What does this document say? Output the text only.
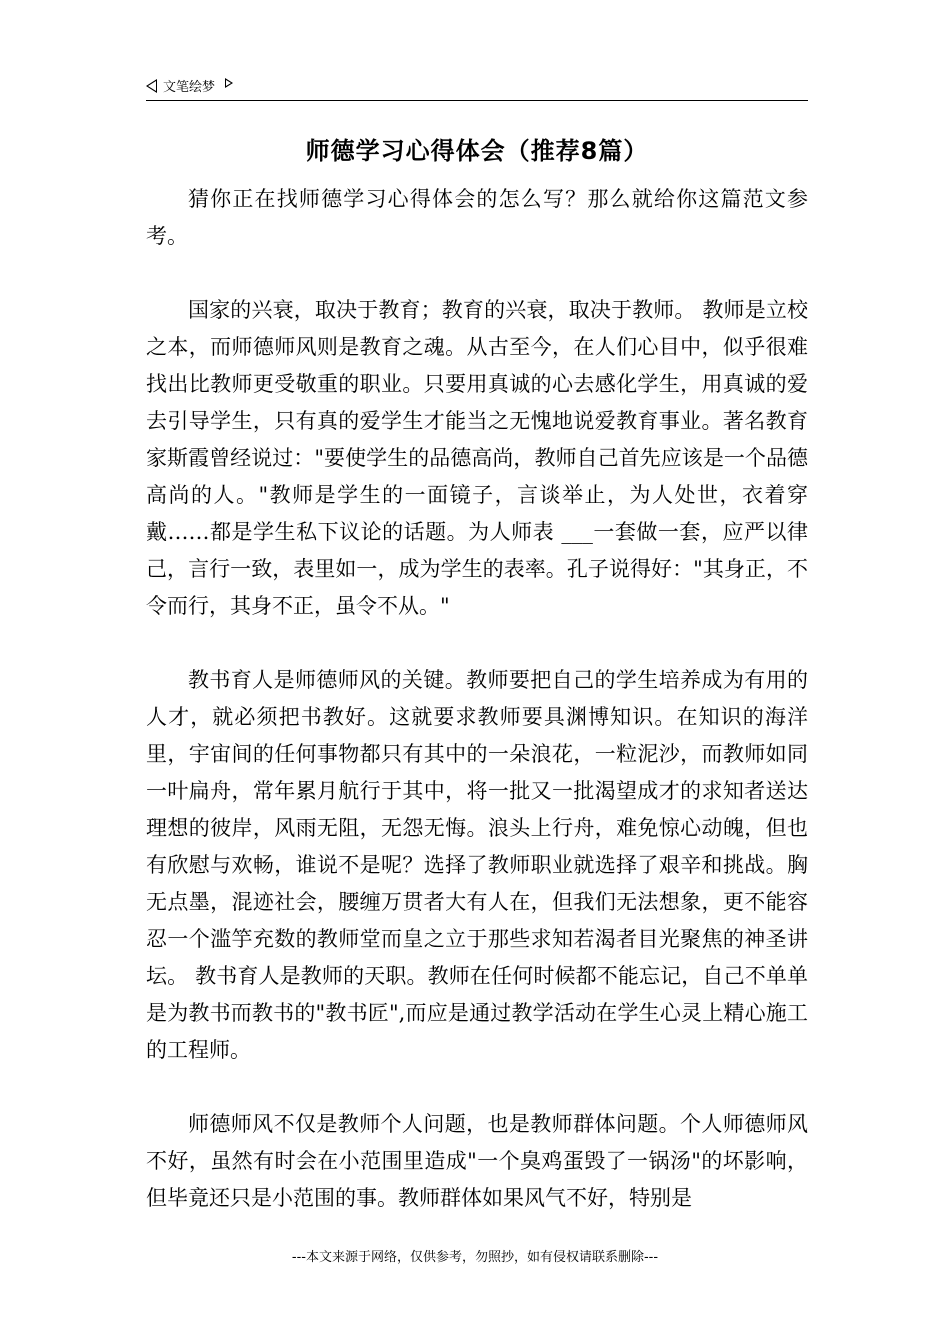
文笔绘梦
师德学习心得体会（推荐8篇）

猜你正在找师德学习心得体会的怎么写？那么就给你这篇范文参考。

国家的兴衰，取决于教育；教育的兴衰，取决于教师。 教师是立校之本，而师德师风则是教育之魂。从古至今，在人们心目中，似乎很难找出比教师更受敬重的职业。只要用真诚的心去感化学生，用真诚的爱去引导学生，只有真的爱学生才能当之无愧地说爱教育事业。著名教育家斯霞曾经说过："要使学生的品德高尚，教师自己首先应该是一个品德高尚的人。"教师是学生的一面镜子，言谈举止，为人处世，衣着穿戴……都是学生私下议论的话题。为人师表 ___一套做一套，应严以律己，言行一致，表里如一，成为学生的表率。孔子说得好："其身正，不令而行，其身不正，虽令不从。"

教书育人是师德师风的关键。教师要把自己的学生培养成为有用的人才，就必须把书教好。这就要求教师要具渊博知识。在知识的海洋里，宇宙间的任何事物都只有其中的一朵浪花，一粒泥沙，而教师如同一叶扁舟，常年累月航行于其中，将一批又一批渴望成才的求知者送达理想的彼岸，风雨无阻，无怨无悔。浪头上行舟，难免惊心动魄，但也有欣慰与欢畅，谁说不是呢？选择了教师职业就选择了艰辛和挑战。胸无点墨，混迹社会，腰缠万贯者大有人在，但我们无法想象，更不能容忍一个滥竽充数的教师堂而皇之立于那些求知若渴者目光聚焦的神圣讲坛。 教书育人是教师的天职。教师在任何时候都不能忘记，自己不单单是为教书而教书的"教书匠",而应是通过教学活动在学生心灵上精心施工的工程师。

师德师风不仅是教师个人问题，也是教师群体问题。个人师德师风不好，虽然有时会在小范围里造成"一个臭鸡蛋毁了一锅汤"的坏影响，但毕竟还只是小范围的事。教师群体如果风气不好，特别是

---本文来源于网络，仅供参考，勿照抄，如有侵权请联系删除---
